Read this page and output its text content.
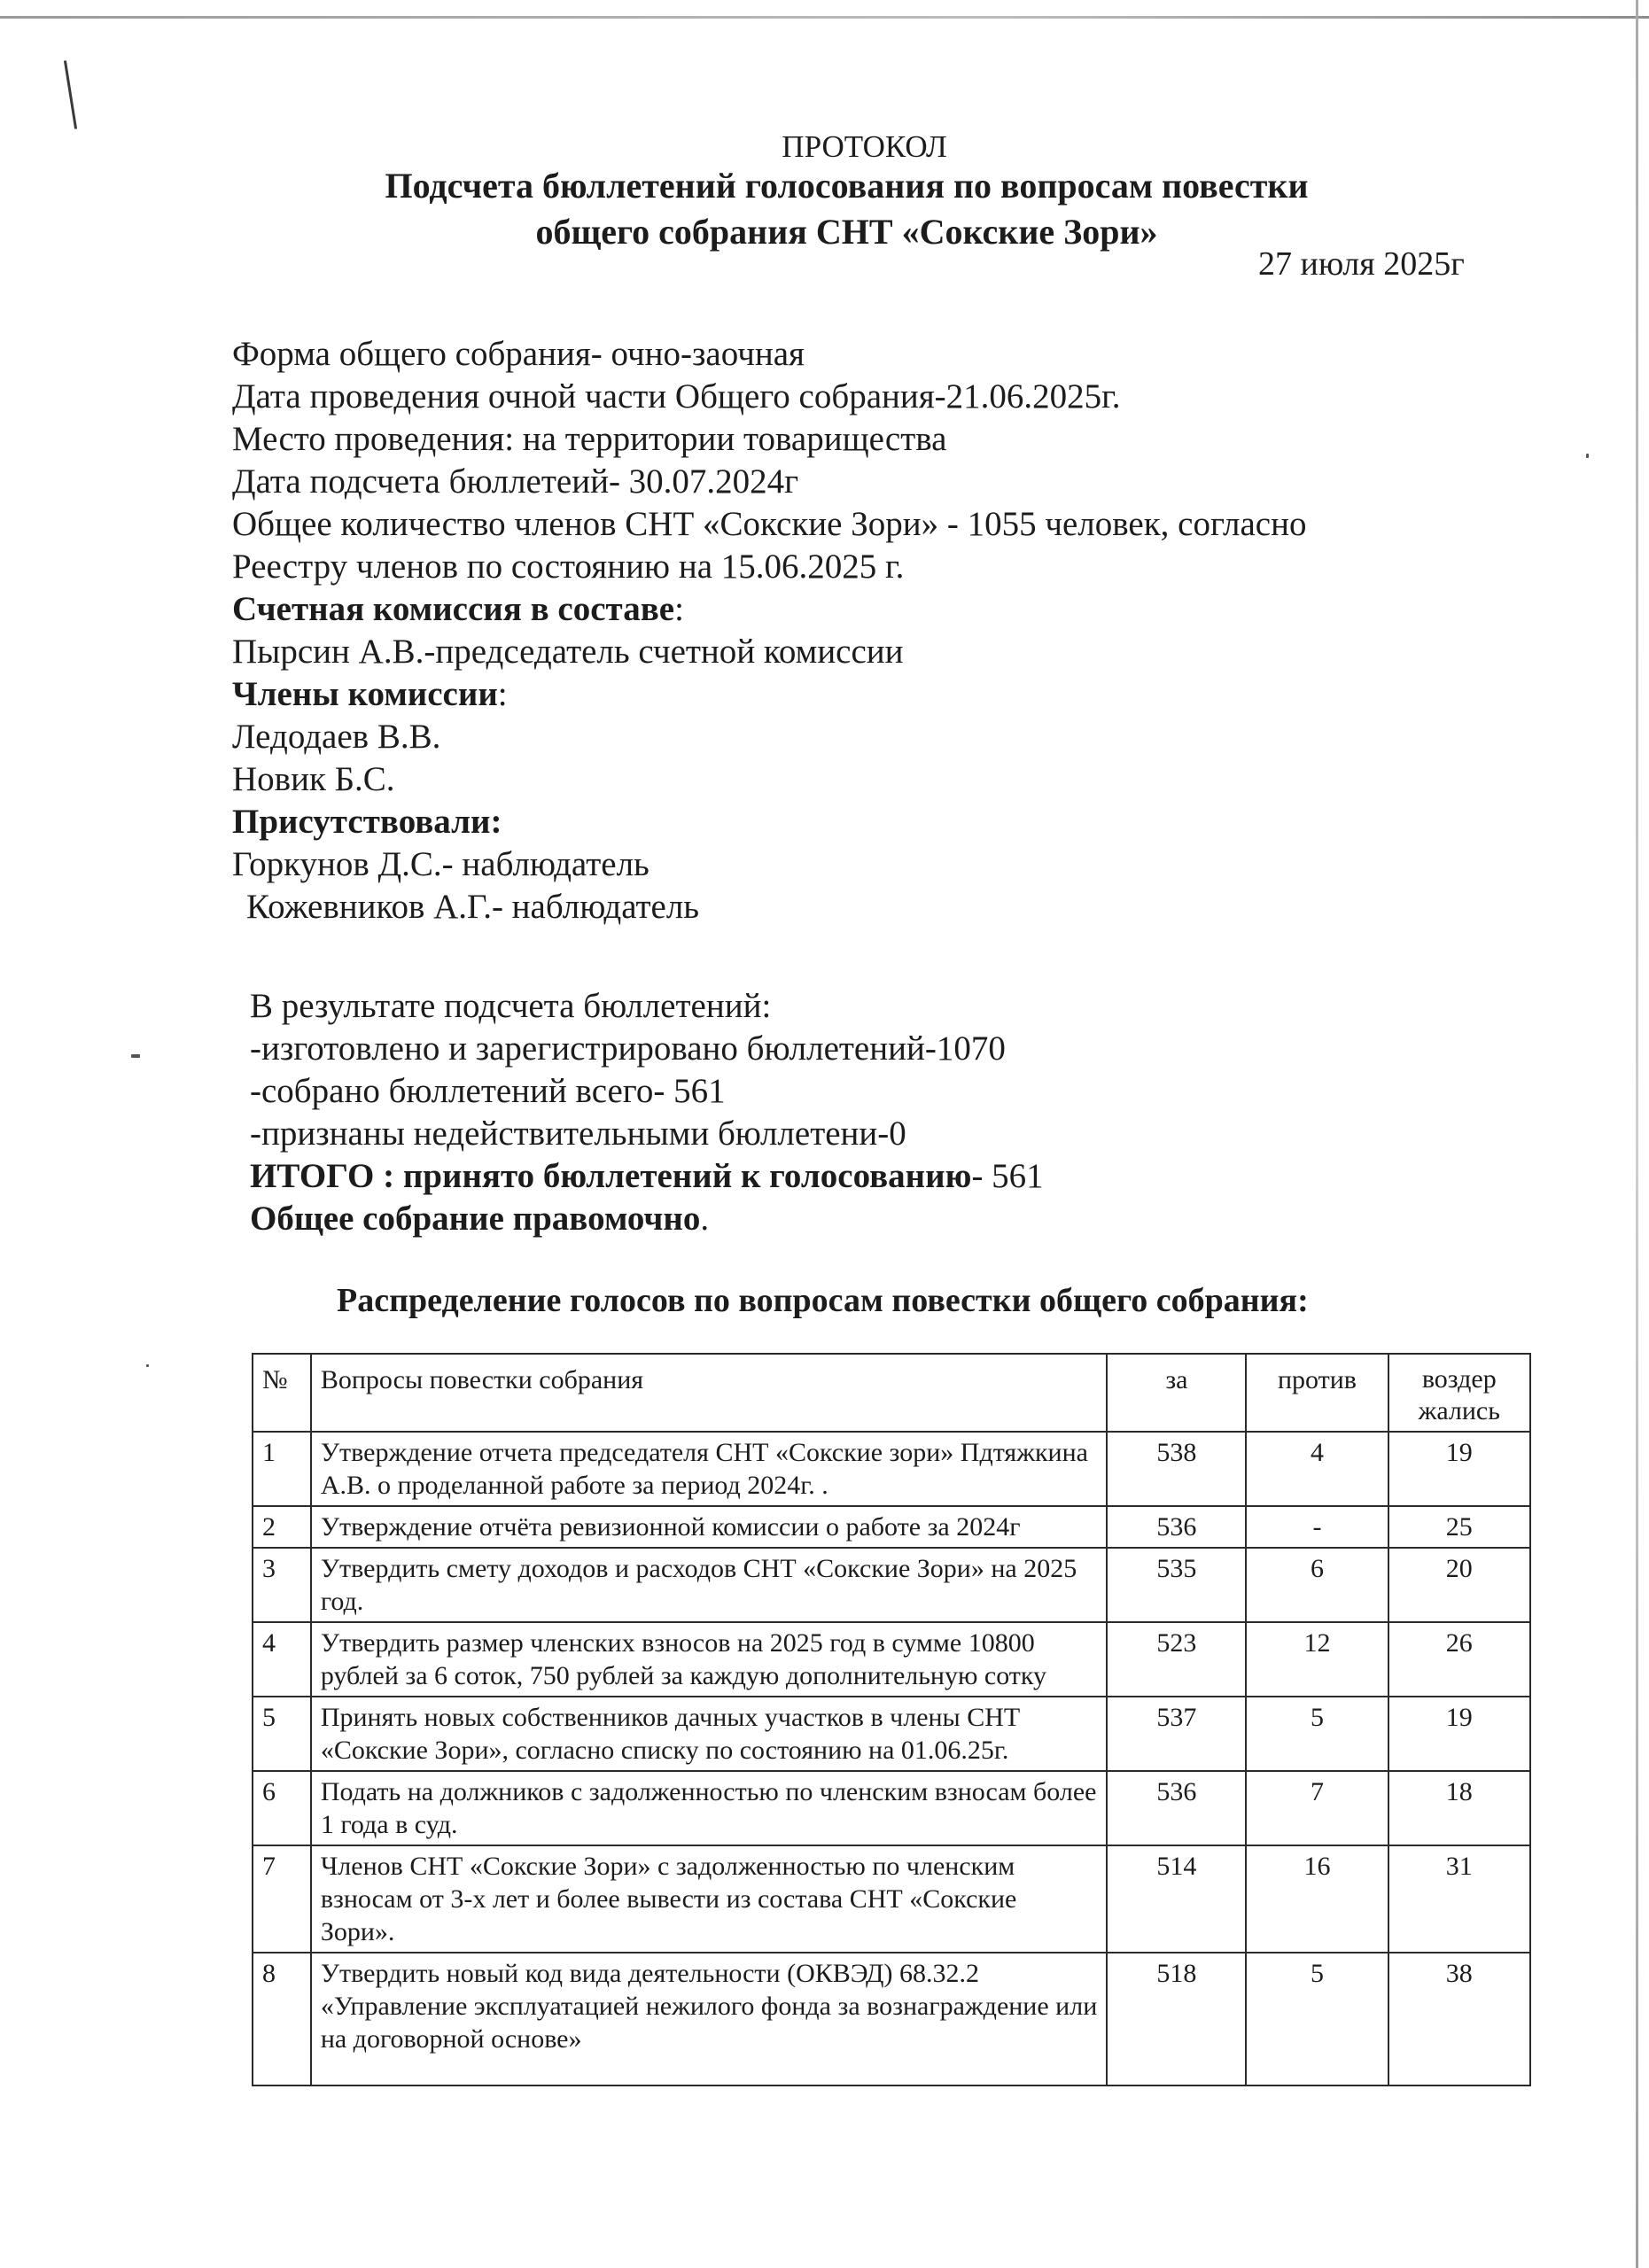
ПРОТОКОЛ
Подсчета бюллетений голосования по вопросам повестки
общего собрания СНТ «Сокские Зори»
27 июля 2025г
Форма общего собрания- очно-заочная
Дата проведения очной части Общего собрания-21.06.2025г.
Место проведения: на территории товарищества
Дата подсчета бюллетеий- 30.07.2024г
Общее количество членов СНТ «Сокские Зори» - 1055 человек, согласно
Реестру членов по состоянию на 15.06.2025 г.
Счетная комиссия в составе:
Пырсин А.В.-председатель счетной комиссии
Члены комиссии:
Ледодаев В.В.
Новик Б.С.
Присутствовали:
Горкунов Д.С.- наблюдатель
Кожевников А.Г.- наблюдатель
В результате подсчета бюллетений:
-изготовлено и зарегистрировано бюллетений-1070
-собрано бюллетений всего- 561
-признаны недействительными бюллетени-0
ИТОГО : принято бюллетений к голосованию- 561
Общее собрание правомочно.
Распределение голосов по вопросам повестки общего собрания:
№	Вопросы повестки собрания	за	против	воздер жались
1	Утверждение отчета председателя СНТ «Сокские зори» Пдтяжкина А.В. о проделанной работе за период 2024г. .	538	4	19
2	Утверждение отчёта ревизионной комиссии о работе за 2024г	536	-	25
3	Утвердить смету доходов и расходов СНТ «Сокские Зори» на 2025 год.	535	6	20
4	Утвердить размер членских взносов на 2025 год в сумме 10800 рублей за 6 соток, 750 рублей за каждую дополнительную сотку	523	12	26
5	Принять новых собственников дачных участков в члены СНТ «Сокские Зори», согласно списку по состоянию на 01.06.25г.	537	5	19
6	Подать на должников с задолженностью по членским взносам более 1 года в суд.	536	7	18
7	Членов СНТ «Сокские Зори» с задолженностью по членским взносам от 3-х лет и более вывести из состава СНТ «Сокские Зори».	514	16	31
8	Утвердить новый код вида деятельности (ОКВЭД) 68.32.2 «Управление эксплуатацией нежилого фонда за вознаграждение или на договорной основе»	518	5	38
